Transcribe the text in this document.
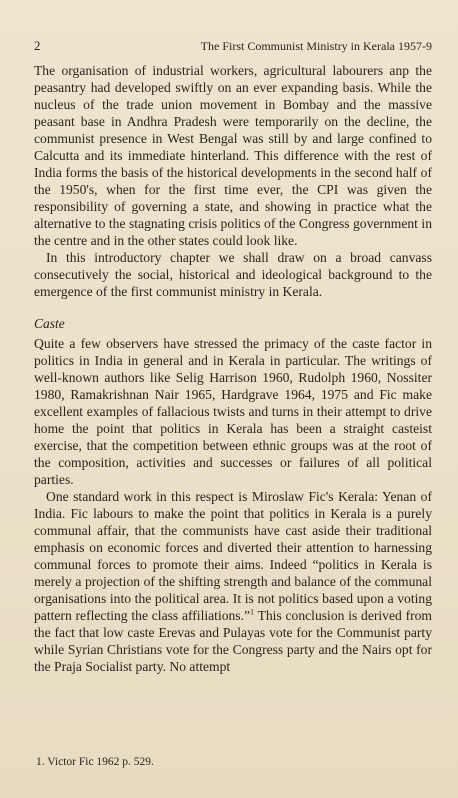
2	The First Communist Ministry in Kerala 1957-9

The organisation of industrial workers, agricultural labourers anp the peasantry had developed swiftly on an ever expanding basis. While the nucleus of the trade union movement in Bombay and the massive peasant base in Andhra Pradesh were temporarily on the decline, the communist presence in West Bengal was still by and large confined to Calcutta and its immediate hinterland. This difference with the rest of India forms the basis of the historical developments in the second half of the 1950's, when for the first time ever, the CPI was given the responsibility of governing a state, and showing in practice what the alternative to the stagnating crisis politics of the Congress government in the centre and in the other states could look like.

In this introductory chapter we shall draw on a broad canvass consecutively the social, historical and ideological background to the emergence of the first communist ministry in Kerala.

Caste

Quite a few observers have stressed the primacy of the caste factor in politics in India in general and in Kerala in particular. The writings of well-known authors like Selig Harrison 1960, Rudolph 1960, Nossiter 1980, Ramakrishnan Nair 1965, Hardgrave 1964, 1975 and Fic make excellent examples of fallacious twists and turns in their attempt to drive home the point that politics in Kerala has been a straight casteist exercise, that the competition between ethnic groups was at the root of the composition, activities and successes or failures of all political parties.

One standard work in this respect is Miroslaw Fic's Kerala: Yenan of India. Fic labours to make the point that politics in Kerala is a purely communal affair, that the communists have cast aside their traditional emphasis on economic forces and diverted their attention to harnessing communal forces to promote their aims. Indeed “politics in Kerala is merely a projection of the shifting strength and balance of the communal organisations into the political area. It is not politics based upon a voting pattern reflecting the class affiliations.”$^1$ This conclusion is derived from the fact that low caste Erevas and Pulayas vote for the Communist party while Syrian Christians vote for the Congress party and the Nairs opt for the Praja Socialist party. No attempt

1. Victor Fic 1962 p. 529.
